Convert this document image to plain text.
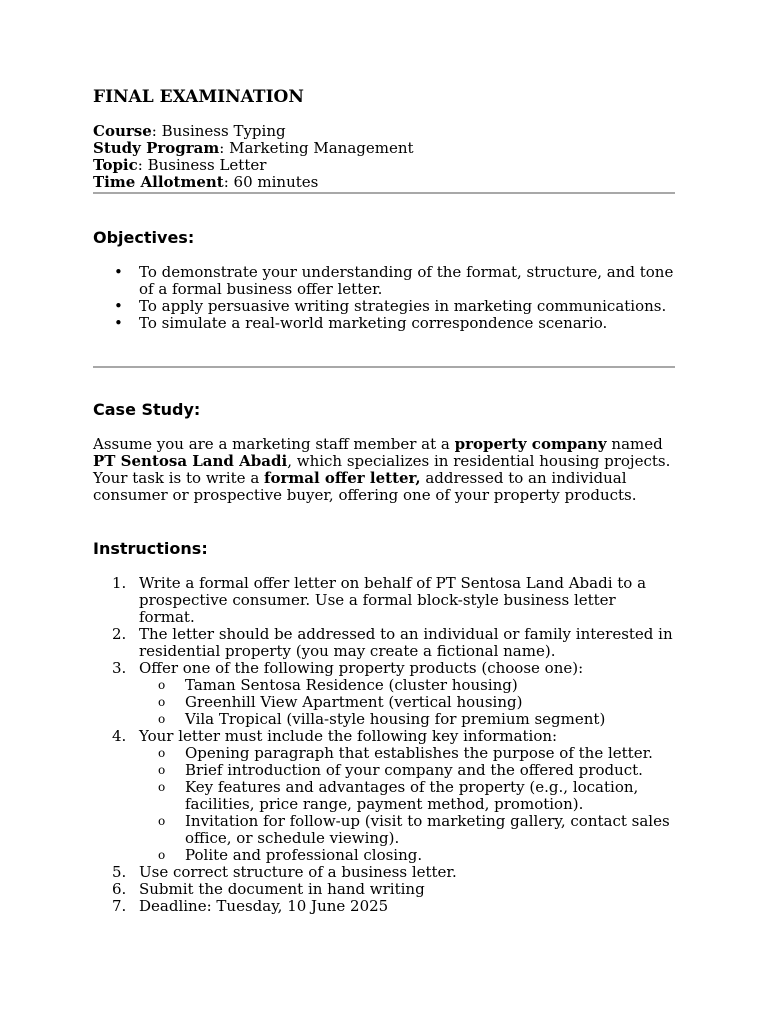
FINAL EXAMINATION
Course: Business Typing
Study Program: Marketing Management
Topic: Business Letter
Time Allotment: 60 minutes
Objectives:
• To demonstrate your understanding of the format, structure, and tone of a formal business offer letter.
• To apply persuasive writing strategies in marketing communications.
• To simulate a real-world marketing correspondence scenario.
Case Study:

Assume you are a marketing staff member at a property company named PT Sentosa Land Abadi, which specializes in residential housing projects. Your task is to write a formal offer letter, addressed to an individual consumer or prospective buyer, offering one of your property products.

Instructions:
1. Write a formal offer letter on behalf of PT Sentosa Land Abadi to a prospective consumer. Use a formal block-style business letter format.
2. The letter should be addressed to an individual or family interested in residential property (you may create a fictional name).
3. Offer one of the following property products (choose one):
o Taman Sentosa Residence (cluster housing)
o Greenhill View Apartment (vertical housing)
o Vila Tropical (villa-style housing for premium segment)
4. Your letter must include the following key information:
o Opening paragraph that establishes the purpose of the letter.
o Brief introduction of your company and the offered product.
o Key features and advantages of the property (e.g., location, facilities, price range, payment method, promotion).
o Invitation for follow-up (visit to marketing gallery, contact sales office, or schedule viewing).
o Polite and professional closing.
5. Use correct structure of a business letter.
6. Submit the document in hand writing
7. Deadline: Tuesday, 10 June 2025
